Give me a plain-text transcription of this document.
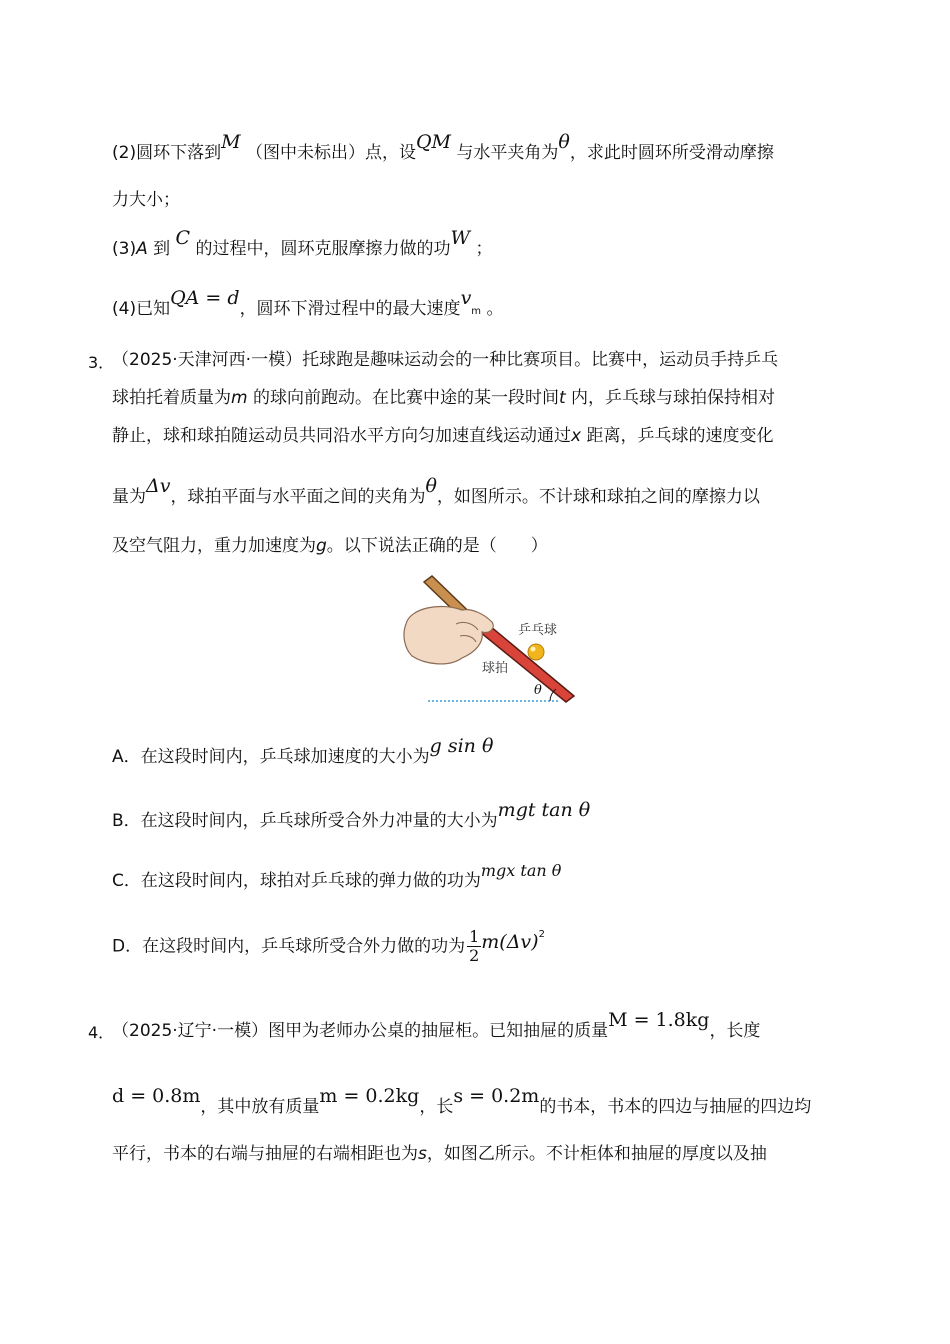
(2)圆环下落到M （图中未标出）点，设QM 与水平夹角为θ，求此时圆环所受滑动摩擦
力大小；
(3)A 到 C 的过程中，圆环克服摩擦力做的功W ；
(4)已知QA = d，圆环下滑过程中的最大速度vm 。
3．
（2025·天津河西·一模）托球跑是趣味运动会的一种比赛项目。比赛中，运动员手持乒乓
球拍托着质量为m 的球向前跑动。在比赛中途的某一段时间t 内，乒乓球与球拍保持相对
静止，球和球拍随运动员共同沿水平方向匀加速直线运动通过x 距离，乒乓球的速度变化
量为Δv，球拍平面与水平面之间的夹角为θ，如图所示。不计球和球拍之间的摩擦力以
及空气阻力，重力加速度为g。以下说法正确的是（　　）
乒乓球
球拍
θ
A．在这段时间内，乒乓球加速度的大小为g sin θ
B．在这段时间内，乒乓球所受合外力冲量的大小为mgt tan θ
C．在这段时间内，球拍对乒乓球的弹力做的功为mgx tan θ
D．在这段时间内，乒乓球所受合外力做的功为 $\frac{1}{2} m(\Delta v)^2$
4．
（2025·辽宁·一模）图甲为老师办公桌的抽屉柜。已知抽屉的质量M = 1.8kg，长度
d = 0.8m，其中放有质量m = 0.2kg，长s = 0.2m的书本，书本的四边与抽屉的四边均
平行，书本的右端与抽屉的右端相距也为s，如图乙所示。不计柜体和抽屉的厚度以及抽
